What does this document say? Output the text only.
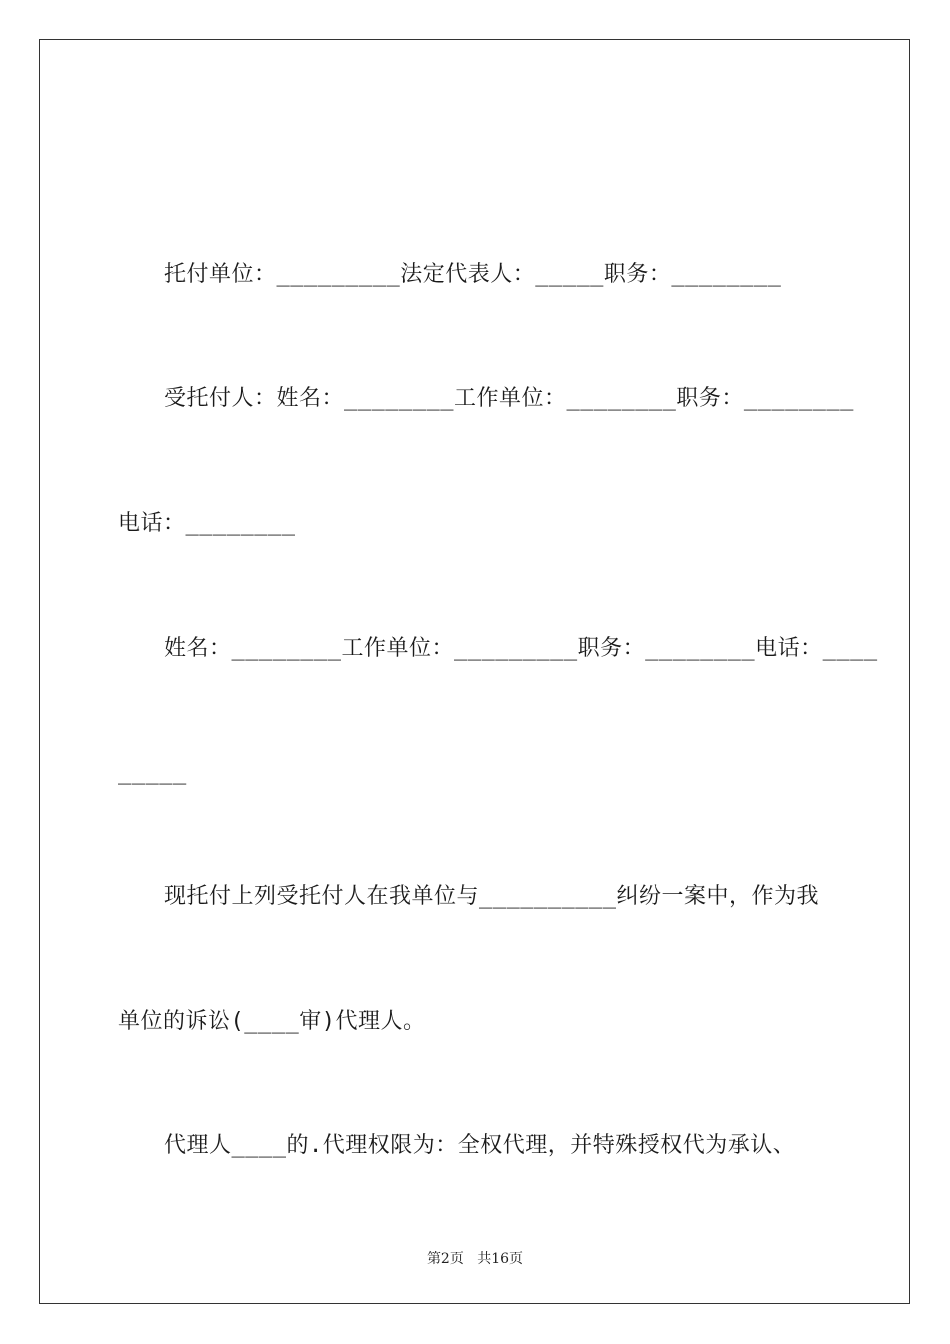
托付单位：_________法定代表人：_____职务：________
受托付人：姓名：________工作单位：________职务：________
电话：________
姓名：________工作单位：_________职务：________电话：____
_____
现托付上列受托付人在我单位与__________纠纷一案中，作为我
单位的诉讼(____审)代理人。
代理人____的.代理权限为：全权代理，并特殊授权代为承认、
第2页 共16页
